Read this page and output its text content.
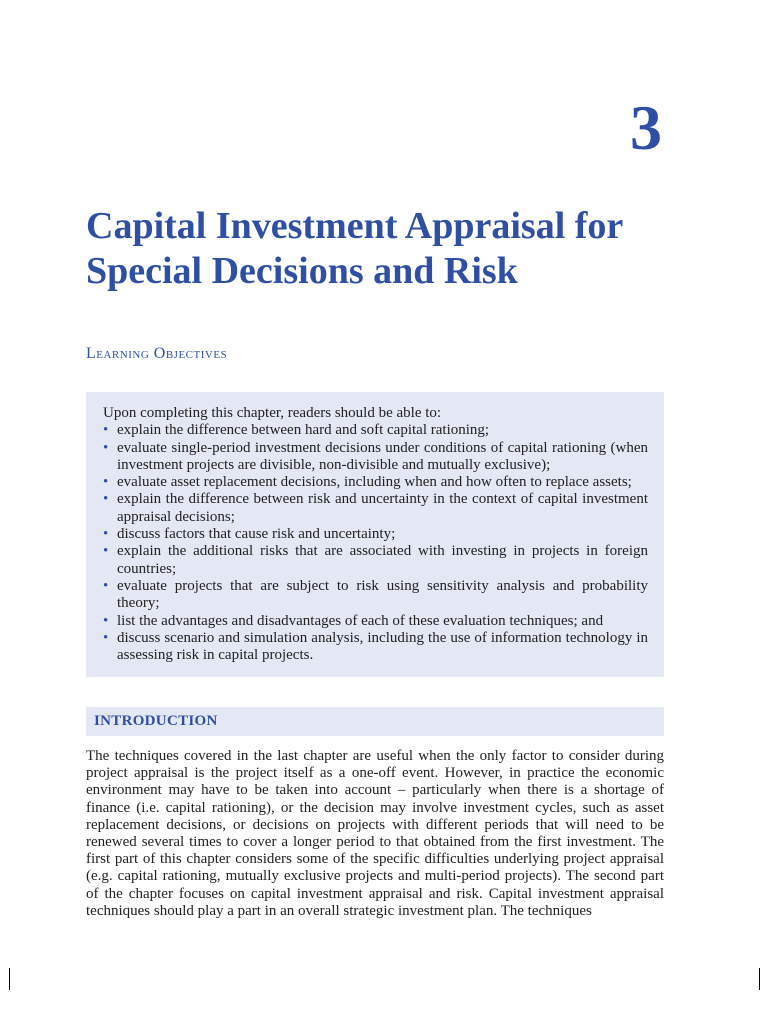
3
Capital Investment Appraisal for Special Decisions and Risk
Learning Objectives

Upon completing this chapter, readers should be able to:

• explain the difference between hard and soft capital rationing;
• evaluate single-period investment decisions under conditions of capital rationing (when investment projects are divisible, non-divisible and mutually exclusive);
• evaluate asset replacement decisions, including when and how often to replace assets;
• explain the difference between risk and uncertainty in the context of capital investment appraisal decisions;
• discuss factors that cause risk and uncertainty;
• explain the additional risks that are associated with investing in projects in foreign countries;
• evaluate projects that are subject to risk using sensitivity analysis and probability theory;
• list the advantages and disadvantages of each of these evaluation techniques; and
• discuss scenario and simulation analysis, including the use of information technology in assessing risk in capital projects.
INTRODUCTION

The techniques covered in the last chapter are useful when the only factor to consider during project appraisal is the project itself as a one-off event. However, in practice the economic environment may have to be taken into account – particularly when there is a shortage of finance (i.e. capital rationing), or the decision may involve investment cycles, such as asset replacement decisions, or decisions on projects with different periods that will need to be renewed several times to cover a longer period to that obtained from the first investment. The first part of this chapter considers some of the specific difficulties underlying project appraisal (e.g. capital rationing, mutually exclusive projects and multi-period projects). The second part of the chapter focuses on capital investment appraisal and risk. Capital investment appraisal techniques should play a part in an overall strategic investment plan. The techniques
